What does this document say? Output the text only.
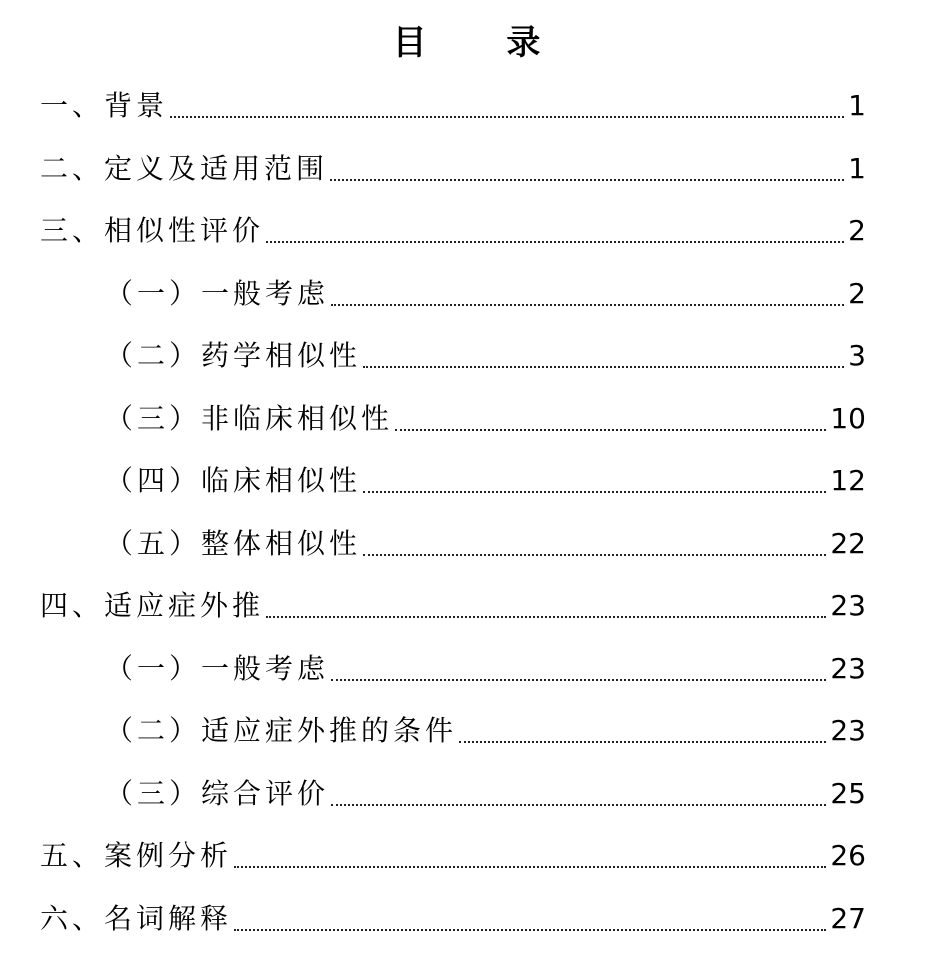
目 录
一、 背景	1
二、 定义及适用范围	1
三、 相似性评价	2
（一） 一般考虑	2
（二） 药学相似性	3
（三） 非临床相似性	10
（四） 临床相似性	12
（五） 整体相似性	22
四、 适应症外推	23
（一） 一般考虑	23
（二） 适应症外推的条件	23
（三） 综合评价	25
五、 案例分析	26
六、 名词解释	27
